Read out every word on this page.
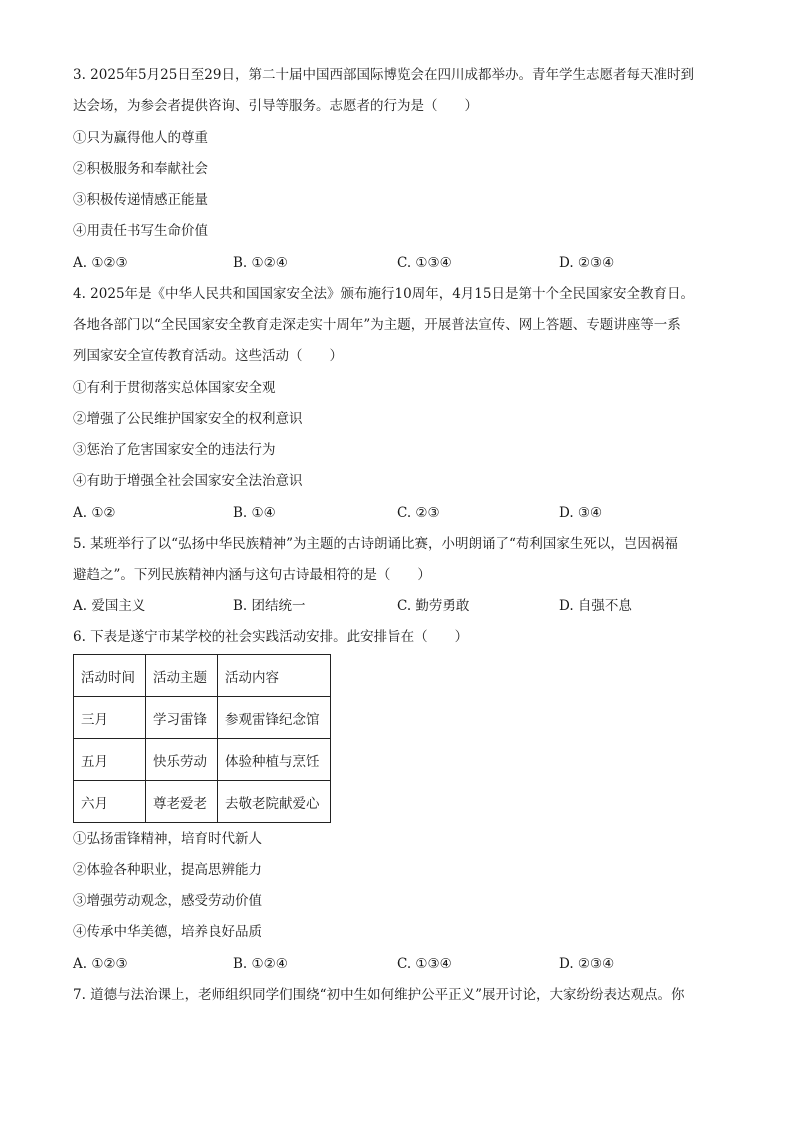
3. 2025年5月25日至29日，第二十届中国西部国际博览会在四川成都举办。青年学生志愿者每天准时到
达会场，为参会者提供咨询、引导等服务。志愿者的行为是（　　）
①只为赢得他人的尊重
②积极服务和奉献社会
③积极传递情感正能量
④用责任书写生命价值
A. ①②③	B. ①②④	C. ①③④	D. ②③④
4. 2025年是《中华人民共和国国家安全法》颁布施行10周年，4月15日是第十个全民国家安全教育日。
各地各部门以“全民国家安全教育走深走实十周年”为主题，开展普法宣传、网上答题、专题讲座等一系
列国家安全宣传教育活动。这些活动（　　）
①有利于贯彻落实总体国家安全观
②增强了公民维护国家安全的权利意识
③惩治了危害国家安全的违法行为
④有助于增强全社会国家安全法治意识
A. ①②	B. ①④	C. ②③	D. ③④
5. 某班举行了以“弘扬中华民族精神”为主题的古诗朗诵比赛，小明朗诵了“苟利国家生死以，岂因祸福
避趋之”。下列民族精神内涵与这句古诗最相符的是（　　）
A. 爱国主义	B. 团结统一	C. 勤劳勇敢	D. 自强不息
6. 下表是遂宁市某学校的社会实践活动安排。此安排旨在（　　）
活动时间	活动主题	活动内容
三月	学习雷锋	参观雷锋纪念馆
五月	快乐劳动	体验种植与烹饪
六月	尊老爱老	去敬老院献爱心
①弘扬雷锋精神，培育时代新人
②体验各种职业，提高思辨能力
③增强劳动观念，感受劳动价值
④传承中华美德，培养良好品质
A. ①②③	B. ①②④	C. ①③④	D. ②③④
7. 道德与法治课上，老师组织同学们围绕“初中生如何维护公平正义”展开讨论，大家纷纷表达观点。你
